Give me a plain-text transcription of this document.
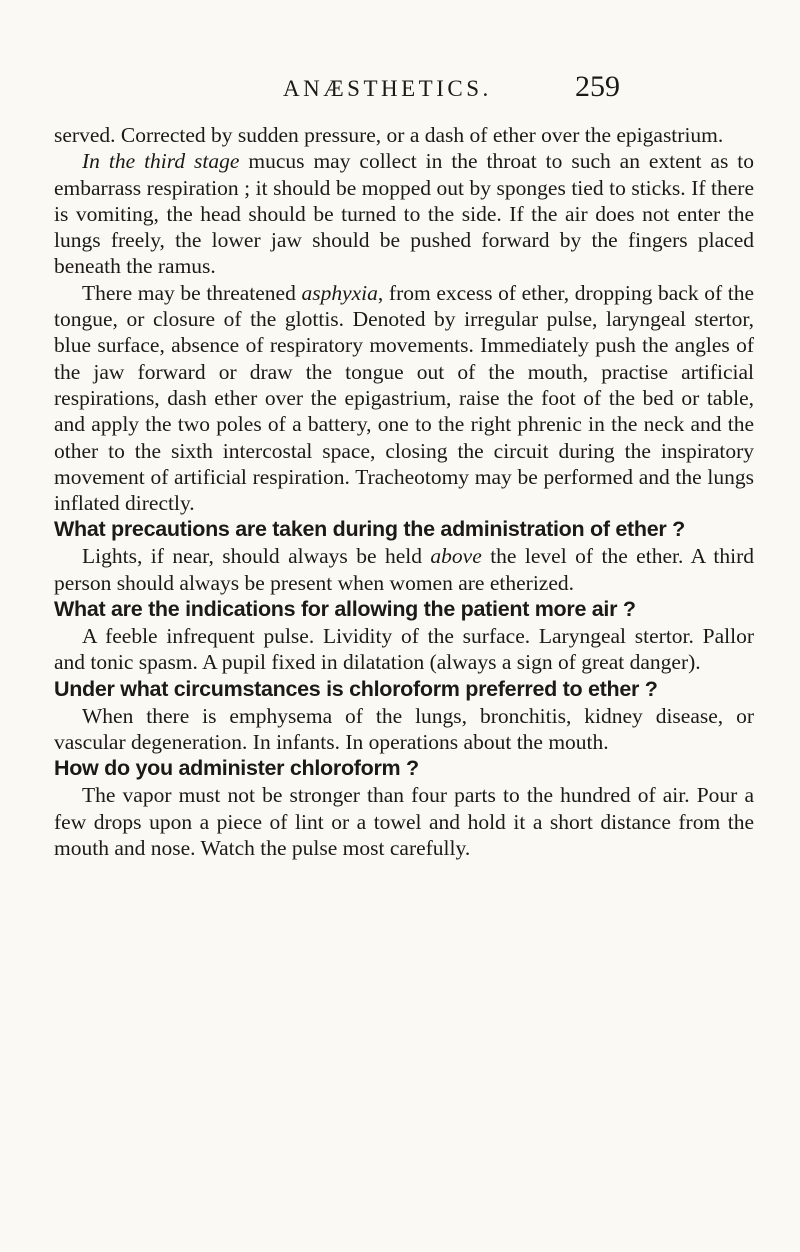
ANÆSTHETICS.	259

served. Corrected by sudden pressure, or a dash of ether over the epigastrium.

In the third stage mucus may collect in the throat to such an extent as to embarrass respiration ; it should be mopped out by sponges tied to sticks. If there is vomiting, the head should be turned to the side. If the air does not enter the lungs freely, the lower jaw should be pushed forward by the fingers placed beneath the ramus.

There may be threatened asphyxia, from excess of ether, dropping back of the tongue, or closure of the glottis. Denoted by irregular pulse, laryngeal stertor, blue surface, absence of respiratory movements. Immediately push the angles of the jaw forward or draw the tongue out of the mouth, practise artificial respirations, dash ether over the epigastrium, raise the foot of the bed or table, and apply the two poles of a battery, one to the right phrenic in the neck and the other to the sixth intercostal space, closing the circuit during the inspiratory movement of artificial respiration. Tracheotomy may be performed and the lungs inflated directly.

What precautions are taken during the administration of ether ?

Lights, if near, should always be held above the level of the ether. A third person should always be present when women are etherized.

What are the indications for allowing the patient more air ?

A feeble infrequent pulse. Lividity of the surface. Laryngeal stertor. Pallor and tonic spasm. A pupil fixed in dilatation (always a sign of great danger).

Under what circumstances is chloroform preferred to ether ?

When there is emphysema of the lungs, bronchitis, kidney disease, or vascular degeneration. In infants. In operations about the mouth.

How do you administer chloroform ?

The vapor must not be stronger than four parts to the hundred of air. Pour a few drops upon a piece of lint or a towel and hold it a short distance from the mouth and nose. Watch the pulse most carefully.
